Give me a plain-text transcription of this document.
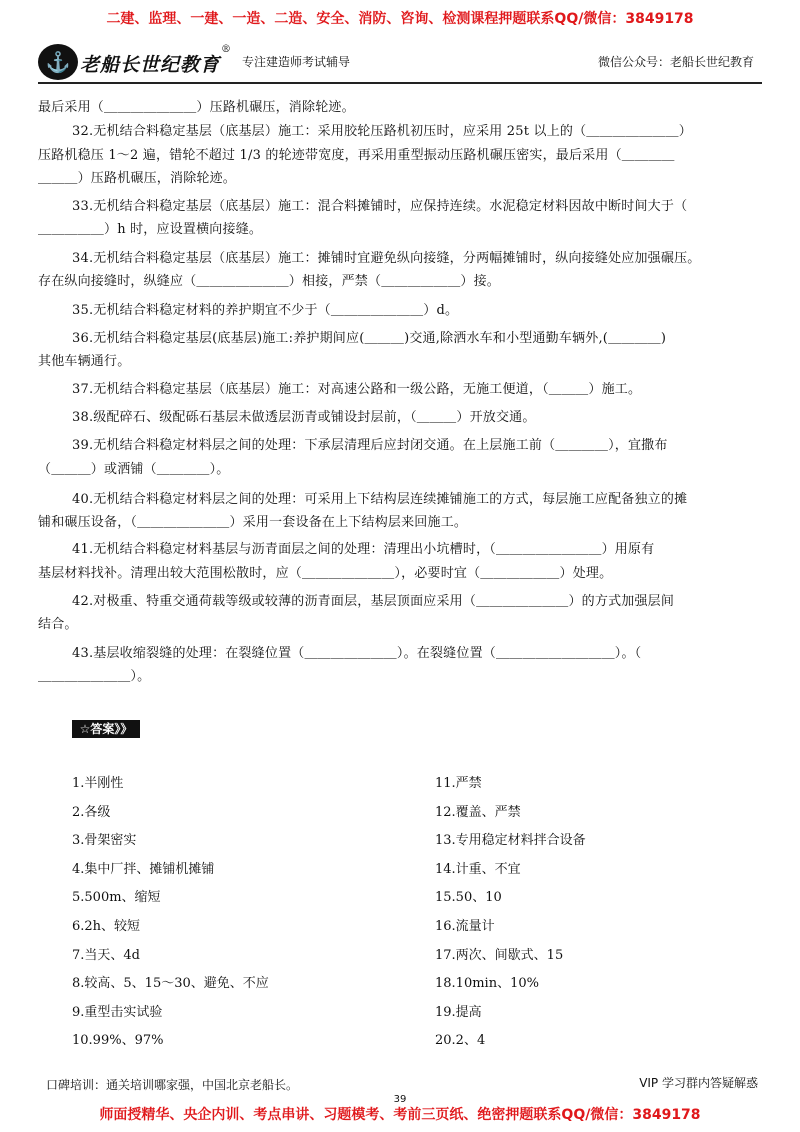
二建、监理、一建、一造、二造、安全、消防、咨询、检测课程押题联系QQ/微信：3849178
⚓ 老船长世纪教育
®
专注建造师考试辅导	微信公众号：老船长世纪教育
最后采用（＿＿＿＿＿＿＿）压路机碾压，消除轮迹。
32.无机结合料稳定基层（底基层）施工：采用胶轮压路机初压时，应采用 25t 以上的（＿＿＿＿＿＿＿）
压路机稳压 1～2 遍，错轮不超过 1/3 的轮迹带宽度，再采用重型振动压路机碾压密实，最后采用（＿＿＿＿
＿＿＿）压路机碾压，消除轮迹。
33.无机结合料稳定基层（底基层）施工：混合料摊铺时，应保持连续。水泥稳定材料因故中断时间大于（
＿＿＿＿＿）h 时，应设置横向接缝。
34.无机结合料稳定基层（底基层）施工：摊铺时宜避免纵向接缝，分两幅摊铺时，纵向接缝处应加强碾压。
存在纵向接缝时，纵缝应（＿＿＿＿＿＿＿）相接，严禁（＿＿＿＿＿＿）接。
35.无机结合料稳定材料的养护期宜不少于（＿＿＿＿＿＿＿）d。
36.无机结合料稳定基层(底基层)施工:养护期间应(＿＿＿)交通,除洒水车和小型通勤车辆外,(＿＿＿＿)
其他车辆通行。
37.无机结合料稳定基层（底基层）施工：对高速公路和一级公路，无施工便道，（＿＿＿）施工。
38.级配碎石、级配砾石基层未做透层沥青或铺设封层前，（＿＿＿）开放交通。
39.无机结合料稳定材料层之间的处理：下承层清理后应封闭交通。在上层施工前（＿＿＿＿），宜撒布
（＿＿＿）或洒铺（＿＿＿＿）。
40.无机结合料稳定材料层之间的处理：可采用上下结构层连续摊铺施工的方式，每层施工应配备独立的摊
铺和碾压设备，（＿＿＿＿＿＿＿）采用一套设备在上下结构层来回施工。
41.无机结合料稳定材料基层与沥青面层之间的处理：清理出小坑槽时，（＿＿＿＿＿＿＿＿）用原有
基层材料找补。清理出较大范围松散时，应（＿＿＿＿＿＿＿），必要时宜（＿＿＿＿＿＿）处理。
42.对极重、特重交通荷载等级或较薄的沥青面层，基层顶面应采用（＿＿＿＿＿＿＿）的方式加强层间
结合。
43.基层收缩裂缝的处理：在裂缝位置（＿＿＿＿＿＿＿）。在裂缝位置（＿＿＿＿＿＿＿＿＿）。（
＿＿＿＿＿＿＿）。
☆答案》》
1.半刚性
2.各级
3.骨架密实
4.集中厂拌、摊铺机摊铺
5.500m、缩短
6.2h、较短
7.当天、4d
8.较高、5、15～30、避免、不应
9.重型击实试验
10.99%、97%
11.严禁
12.覆盖、严禁
13.专用稳定材料拌合设备
14.计重、不宜
15.50、10
16.流量计
17.两次、间歇式、15
18.10min、10%
19.提高
20.2、4
口碑培训：通关培训哪家强，中国北京老船长。	VIP 学习群内答疑解惑
39
师面授精华、央企内训、考点串讲、习题模考、考前三页纸、绝密押题联系QQ/微信：3849178
